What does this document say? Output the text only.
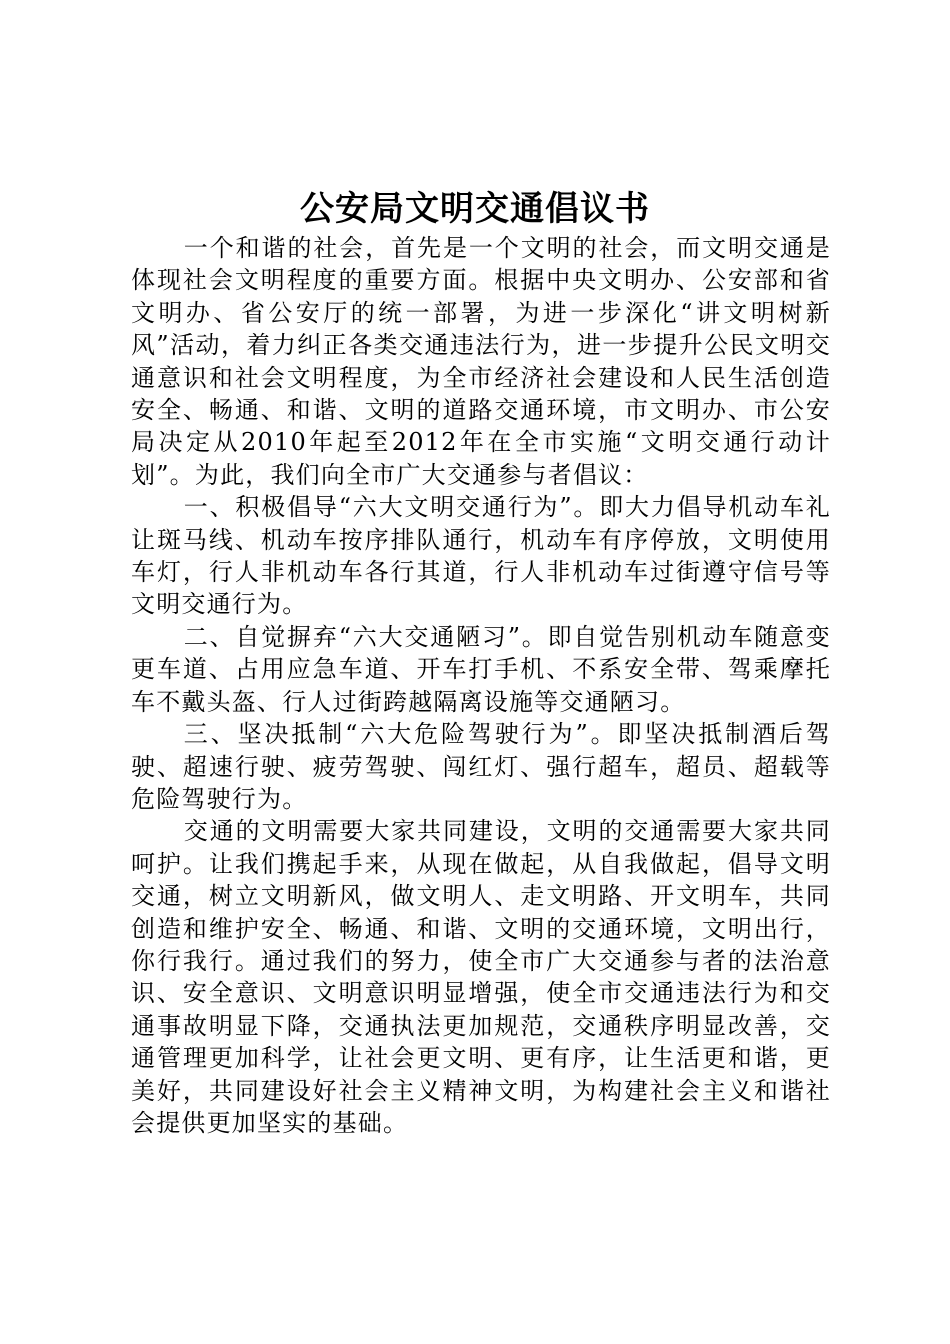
公安局文明交通倡议书

一个和谐的社会，首先是一个文明的社会，而文明交通是体现社会文明程度的重要方面。根据中央文明办、公安部和省文明办、省公安厅的统一部署，为进一步深化“讲文明树新风”活动，着力纠正各类交通违法行为，进一步提升公民文明交通意识和社会文明程度，为全市经济社会建设和人民生活创造安全、畅通、和谐、文明的道路交通环境，市文明办、市公安局决定从2010年起至2012年在全市实施“文明交通行动计划”。为此，我们向全市广大交通参与者倡议：

一、积极倡导“六大文明交通行为”。即大力倡导机动车礼让斑马线、机动车按序排队通行，机动车有序停放，文明使用车灯，行人非机动车各行其道，行人非机动车过街遵守信号等文明交通行为。

二、自觉摒弃“六大交通陋习”。即自觉告别机动车随意变更车道、占用应急车道、开车打手机、不系安全带、驾乘摩托车不戴头盔、行人过街跨越隔离设施等交通陋习。

三、坚决抵制“六大危险驾驶行为”。即坚决抵制酒后驾驶、超速行驶、疲劳驾驶、闯红灯、强行超车，超员、超载等危险驾驶行为。

交通的文明需要大家共同建设，文明的交通需要大家共同呵护。让我们携起手来，从现在做起，从自我做起，倡导文明交通，树立文明新风，做文明人、走文明路、开文明车，共同创造和维护安全、畅通、和谐、文明的交通环境，文明出行，你行我行。通过我们的努力，使全市广大交通参与者的法治意识、安全意识、文明意识明显增强，使全市交通违法行为和交通事故明显下降，交通执法更加规范，交通秩序明显改善，交通管理更加科学，让社会更文明、更有序，让生活更和谐，更美好，共同建设好社会主义精神文明，为构建社会主义和谐社会提供更加坚实的基础。
